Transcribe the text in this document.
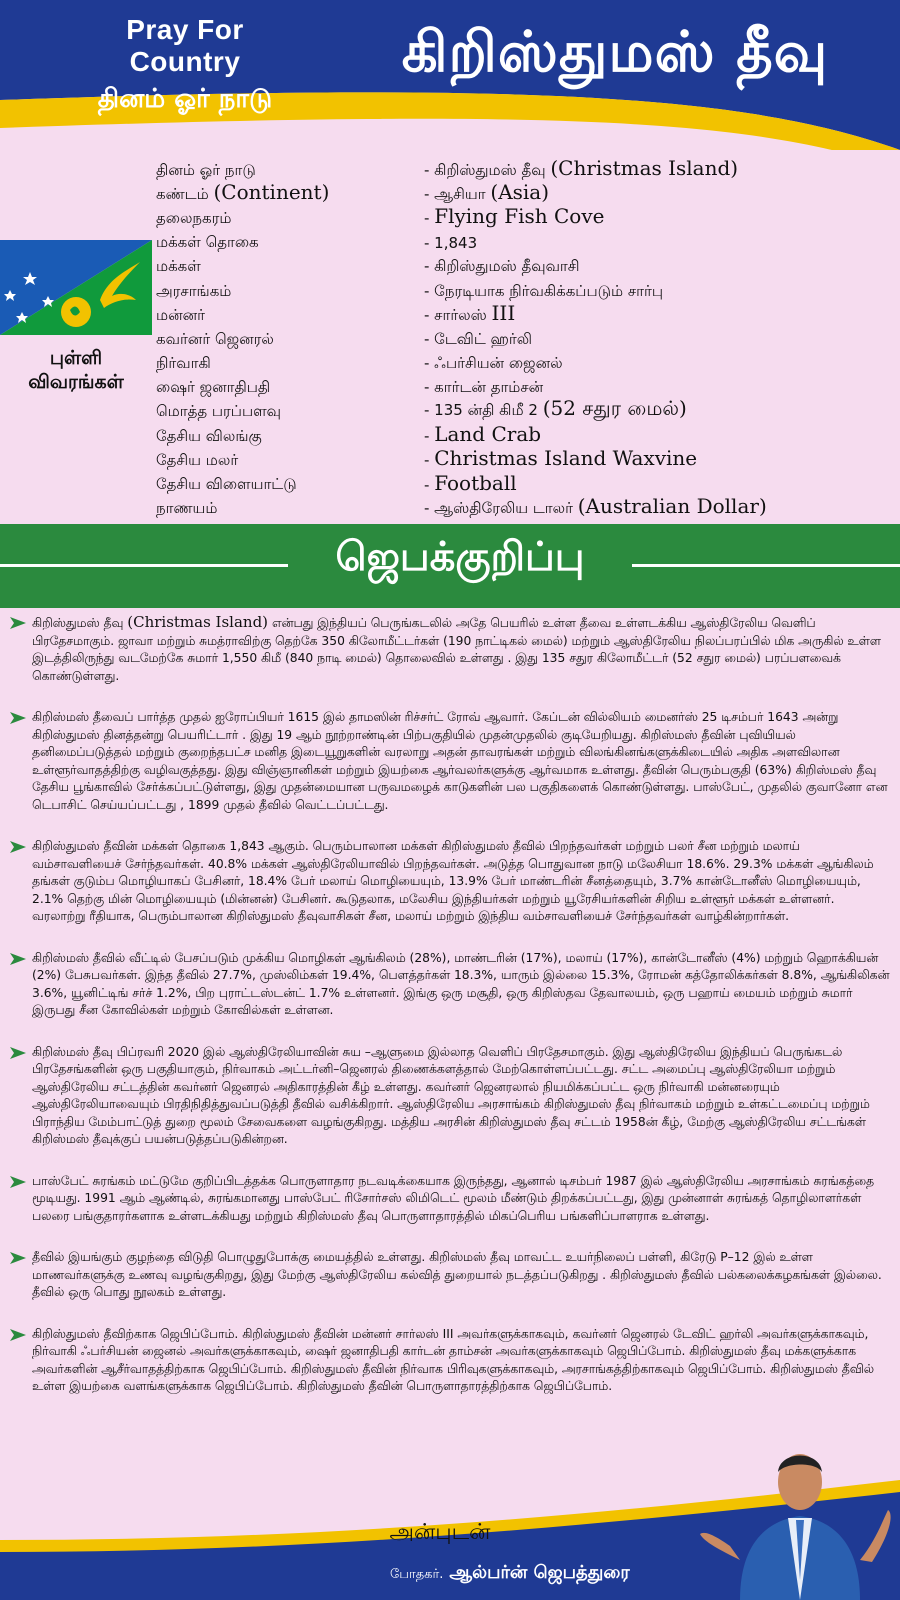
Pray For Country
தினம் ஓர் நாடு
கிறிஸ்துமஸ் தீவு
புள்ளி
விவரங்கள்
தினம் ஓர் நாடு	- கிறிஸ்துமஸ் தீவு (Christmas Island)
கண்டம் (Continent)	- ஆசியா (Asia)
தலைநகரம்	- Flying Fish Cove
மக்கள் தொகை	- 1,843
மக்கள்	- கிறிஸ்துமஸ் தீவுவாசி
அரசாங்கம்	- நேரடியாக நிர்வகிக்கப்படும் சார்பு
மன்னர்	- சார்லஸ் III
கவர்னர் ஜெனரல்	- டேவிட் ஹர்லி
நிர்வாகி	- ஃபர்சியன் ஜைனல்
ஷைர் ஜனாதிபதி	- கார்டன் தாம்சன்
மொத்த பரப்பளவு	- 135 ன்தி கிமீ 2 (52 சதுர மைல்)
தேசிய விலங்கு	- Land Crab
தேசிய மலர்	- Christmas Island Waxvine
தேசிய விளையாட்டு	- Football
நாணயம்	- ஆஸ்திரேலிய டாலர் (Australian Dollar)
ஜெபக்குறிப்பு
கிறிஸ்துமஸ் தீவு (Christmas Island) என்பது இந்தியப் பெருங்கடலில் அதே பெயரில் உள்ள தீவை உள்ளடக்கிய ஆஸ்திரேலிய வெளிப் பிரதேசமாகும். ஜாவா மற்றும் சுமத்ராவிற்கு தெற்கே 350 கிலோமீட்டர்கள் (190 நாட்டிகல் மைல்) மற்றும் ஆஸ்திரேலிய நிலப்பரப்பில் மிக அருகில் உள்ள இடத்திலிருந்து வடமேற்கே சுமார் 1,550 கிமீ (840 நாடி மைல்) தொலைவில் உள்ளது . இது 135 சதுர கிலோமீட்டர் (52 சதுர மைல்) பரப்பளவைக் கொண்டுள்ளது.
கிறிஸ்மஸ் தீவைப் பார்த்த முதல் ஐரோப்பியர் 1615 இல் தாமஸின் ரிச்சர்ட் ரோவ் ஆவார். கேப்டன் வில்லியம் மைனர்ஸ் 25 டிசம்பர் 1643 அன்று கிறிஸ்துமஸ் தினத்தன்று பெயரிட்டார் . இது 19 ஆம் நூற்றாண்டின் பிற்பகுதியில் முதன்முதலில் குடியேறியது. கிறிஸ்மஸ் தீவின் புவியியல் தனிமைப்படுத்தல் மற்றும் குறைந்தபட்ச மனித இடையூறுகளின் வரலாறு அதன் தாவரங்கள் மற்றும் விலங்கினங்களுக்கிடையில் அதிக அளவிலான உள்ளூர்வாதத்திற்கு வழிவகுத்தது. இது விஞ்ஞானிகள் மற்றும் இயற்கை ஆர்வலர்களுக்கு ஆர்வமாக உள்ளது. தீவின் பெரும்பகுதி (63%) கிறிஸ்மஸ் தீவு தேசிய பூங்காவில் சேர்க்கப்பட்டுள்ளது, இது முதன்மையான பருவமழைக் காடுகளின் பல பகுதிகளைக் கொண்டுள்ளது. பாஸ்பேட், முதலில் குவானோ என டெபாசிட் செய்யப்பட்டது , 1899 முதல் தீவில் வெட்டப்பட்டது.
கிறிஸ்துமஸ் தீவின் மக்கள் தொகை 1,843 ஆகும். பெரும்பாலான மக்கள் கிறிஸ்துமஸ் தீவில் பிறந்தவர்கள் மற்றும் பலர் சீன மற்றும் மலாய் வம்சாவளியைச் சேர்ந்தவர்கள். 40.8% மக்கள் ஆஸ்திரேலியாவில் பிறந்தவர்கள். அடுத்த பொதுவான நாடு மலேசியா 18.6%. 29.3% மக்கள் ஆங்கிலம் தங்கள் குடும்ப மொழியாகப் பேசினர், 18.4% பேர் மலாய் மொழியையும், 13.9% பேர் மாண்டரின் சீனத்தையும், 3.7% கான்டோனீஸ் மொழியையும், 2.1% தெற்கு மின் மொழியையும் (மின்னன்) பேசினர். கூடுதலாக, மலேசிய இந்தியர்கள் மற்றும் யூரேசியர்களின் சிறிய உள்ளூர் மக்கள் உள்ளனர். வரலாற்று ரீதியாக, பெரும்பாலான கிறிஸ்துமஸ் தீவுவாசிகள் சீன, மலாய் மற்றும் இந்திய வம்சாவளியைச் சேர்ந்தவர்கள் வாழ்கின்றார்கள்.
கிறிஸ்மஸ் தீவில் வீட்டில் பேசப்படும் முக்கிய மொழிகள் ஆங்கிலம் (28%), மாண்டரின் (17%), மலாய் (17%), கான்டோனீஸ் (4%) மற்றும் ஹொக்கியன் (2%) பேசுபவர்கள். இந்த தீவில் 27.7%, முஸ்லிம்கள் 19.4%, பௌத்தர்கள் 18.3%, யாரும் இல்லை 15.3%, ரோமன் கத்தோலிக்கர்கள் 8.8%, ஆங்கிலிகன் 3.6%, யூனிட்டிங் சர்ச் 1.2%, பிற புராட்டஸ்டன்ட் 1.7% உள்ளனர். இங்கு ஒரு மசூதி, ஒரு கிறிஸ்தவ தேவாலயம், ஒரு பஹாய் மையம் மற்றும் சுமார் இருபது சீன கோவில்கள் மற்றும் கோவில்கள் உள்ளன.
கிறிஸ்மஸ் தீவு பிப்ரவரி 2020 இல் ஆஸ்திரேலியாவின் சுய –ஆளுமை இல்லாத வெளிப் பிரதேசமாகும். இது ஆஸ்திரேலிய இந்தியப் பெருங்கடல் பிரதேசங்களின் ஒரு பகுதியாகும், நிர்வாகம் அட்டர்னி–ஜெனரல் திணைக்களத்தால் மேற்கொள்ளப்பட்டது. சட்ட அமைப்பு ஆஸ்திரேலியா மற்றும் ஆஸ்திரேலிய சட்டத்தின் கவர்னர் ஜெனரல் அதிகாரத்தின் கீழ் உள்ளது. கவர்னர் ஜெனரலால் நியமிக்கப்பட்ட ஒரு நிர்வாகி மன்னரையும் ஆஸ்திரேலியாவையும் பிரதிநிதித்துவப்படுத்தி தீவில் வசிக்கிறார். ஆஸ்திரேலிய அரசாங்கம் கிறிஸ்துமஸ் தீவு நிர்வாகம் மற்றும் உள்கட்டமைப்பு மற்றும் பிராந்திய மேம்பாட்டுத் துறை மூலம் சேவைகளை வழங்குகிறது. மத்திய அரசின் கிறிஸ்துமஸ் தீவு சட்டம் 1958ன் கீழ், மேற்கு ஆஸ்திரேலிய சட்டங்கள் கிறிஸ்மஸ் தீவுக்குப் பயன்படுத்தப்படுகின்றன.
பாஸ்பேட் சுரங்கம் மட்டுமே குறிப்பிடத்தக்க பொருளாதார நடவடிக்கையாக இருந்தது, ஆனால் டிசம்பர் 1987 இல் ஆஸ்திரேலிய அரசாங்கம் சுரங்கத்தை மூடியது. 1991 ஆம் ஆண்டில், சுரங்கமானது பாஸ்பேட் ரிசோர்சஸ் லிமிடெட் மூலம் மீண்டும் திறக்கப்பட்டது, இது முன்னாள் சுரங்கத் தொழிலாளர்கள் பலரை பங்குதாரர்களாக உள்ளடக்கியது மற்றும் கிறிஸ்மஸ் தீவு பொருளாதாரத்தில் மிகப்பெரிய பங்களிப்பாளராக உள்ளது.
தீவில் இயங்கும் குழந்தை விடுதி பொழுதுபோக்கு மையத்தில் உள்ளது. கிறிஸ்மஸ் தீவு மாவட்ட உயர்நிலைப் பள்ளி, கிரேடு P–12 இல் உள்ள மாணவர்களுக்கு உணவு வழங்குகிறது, இது மேற்கு ஆஸ்திரேலிய கல்வித் துறையால் நடத்தப்படுகிறது . கிறிஸ்துமஸ் தீவில் பல்கலைக்கழகங்கள் இல்லை. தீவில் ஒரு பொது நூலகம் உள்ளது.
கிறிஸ்துமஸ் தீவிற்காக ஜெபிப்போம். கிறிஸ்துமஸ் தீவின் மன்னர் சார்லஸ் III அவர்களுக்காகவும், கவர்னர் ஜெனரல் டேவிட் ஹர்லி அவர்களுக்காகவும், நிர்வாகி ஃபர்சியன் ஜைனல் அவர்களுக்காகவும், ஷைர் ஜனாதிபதி கார்டன் தாம்சன் அவர்களுக்காகவும் ஜெபிப்போம். கிறிஸ்துமஸ் தீவு மக்களுக்காக அவர்களின் ஆசீர்வாதத்திற்காக ஜெபிப்போம். கிறிஸ்துமஸ் தீவின் நிர்வாக பிரிவுகளுக்காகவும், அரசாங்கத்திற்காகவும் ஜெபிப்போம். கிறிஸ்துமஸ் தீவில் உள்ள இயற்கை வளங்களுக்காக ஜெபிப்போம். கிறிஸ்துமஸ் தீவின் பொருளாதாரத்திற்காக ஜெபிப்போம்.
அன்புடன்
போதகர். ஆல்பர்ன் ஜெபத்துரை
